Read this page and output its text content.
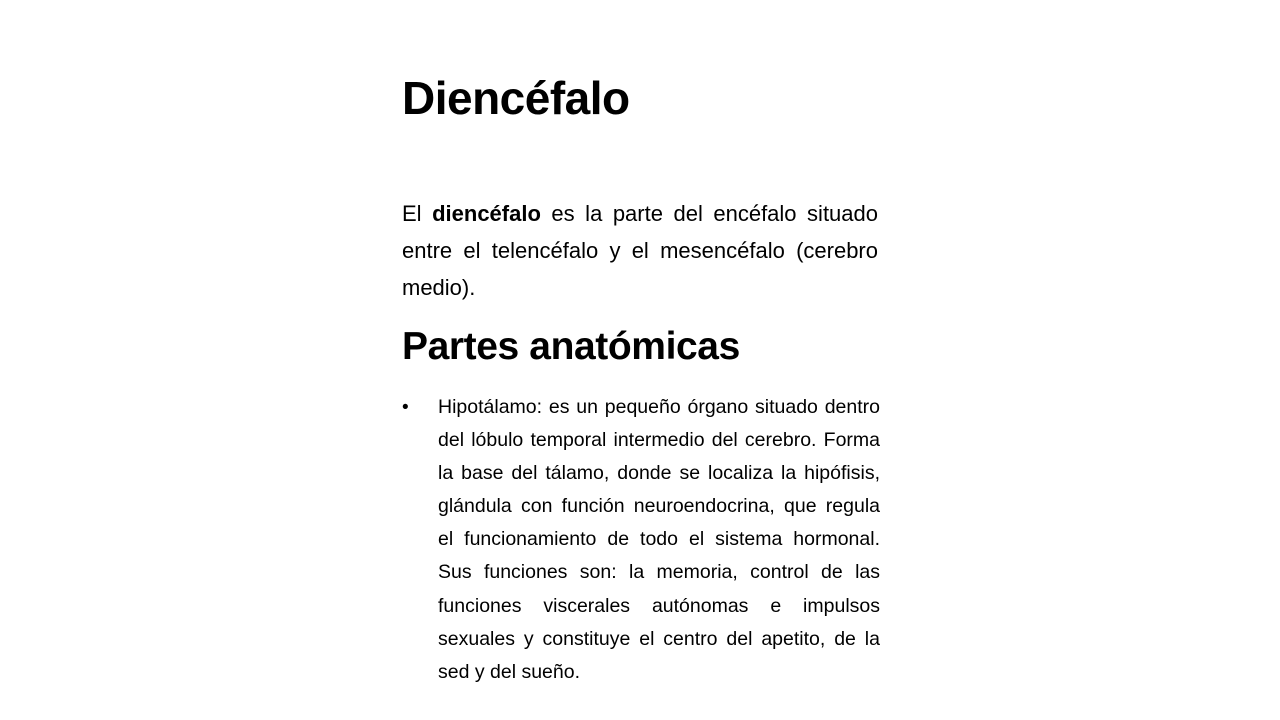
Diencéfalo

El diencéfalo es la parte del encéfalo situado entre el telencéfalo y el mesencéfalo (cerebro medio).

Partes anatómicas
• Hipotálamo: es un pequeño órgano situado dentro del lóbulo temporal intermedio del cerebro. Forma la base del tálamo, donde se localiza la hipófisis, glándula con función neuroendocrina, que regula el funcionamiento de todo el sistema hormonal. Sus funciones son: la memoria, control de las funciones viscerales autónomas e impulsos sexuales y constituye el centro del apetito, de la sed y del sueño.
